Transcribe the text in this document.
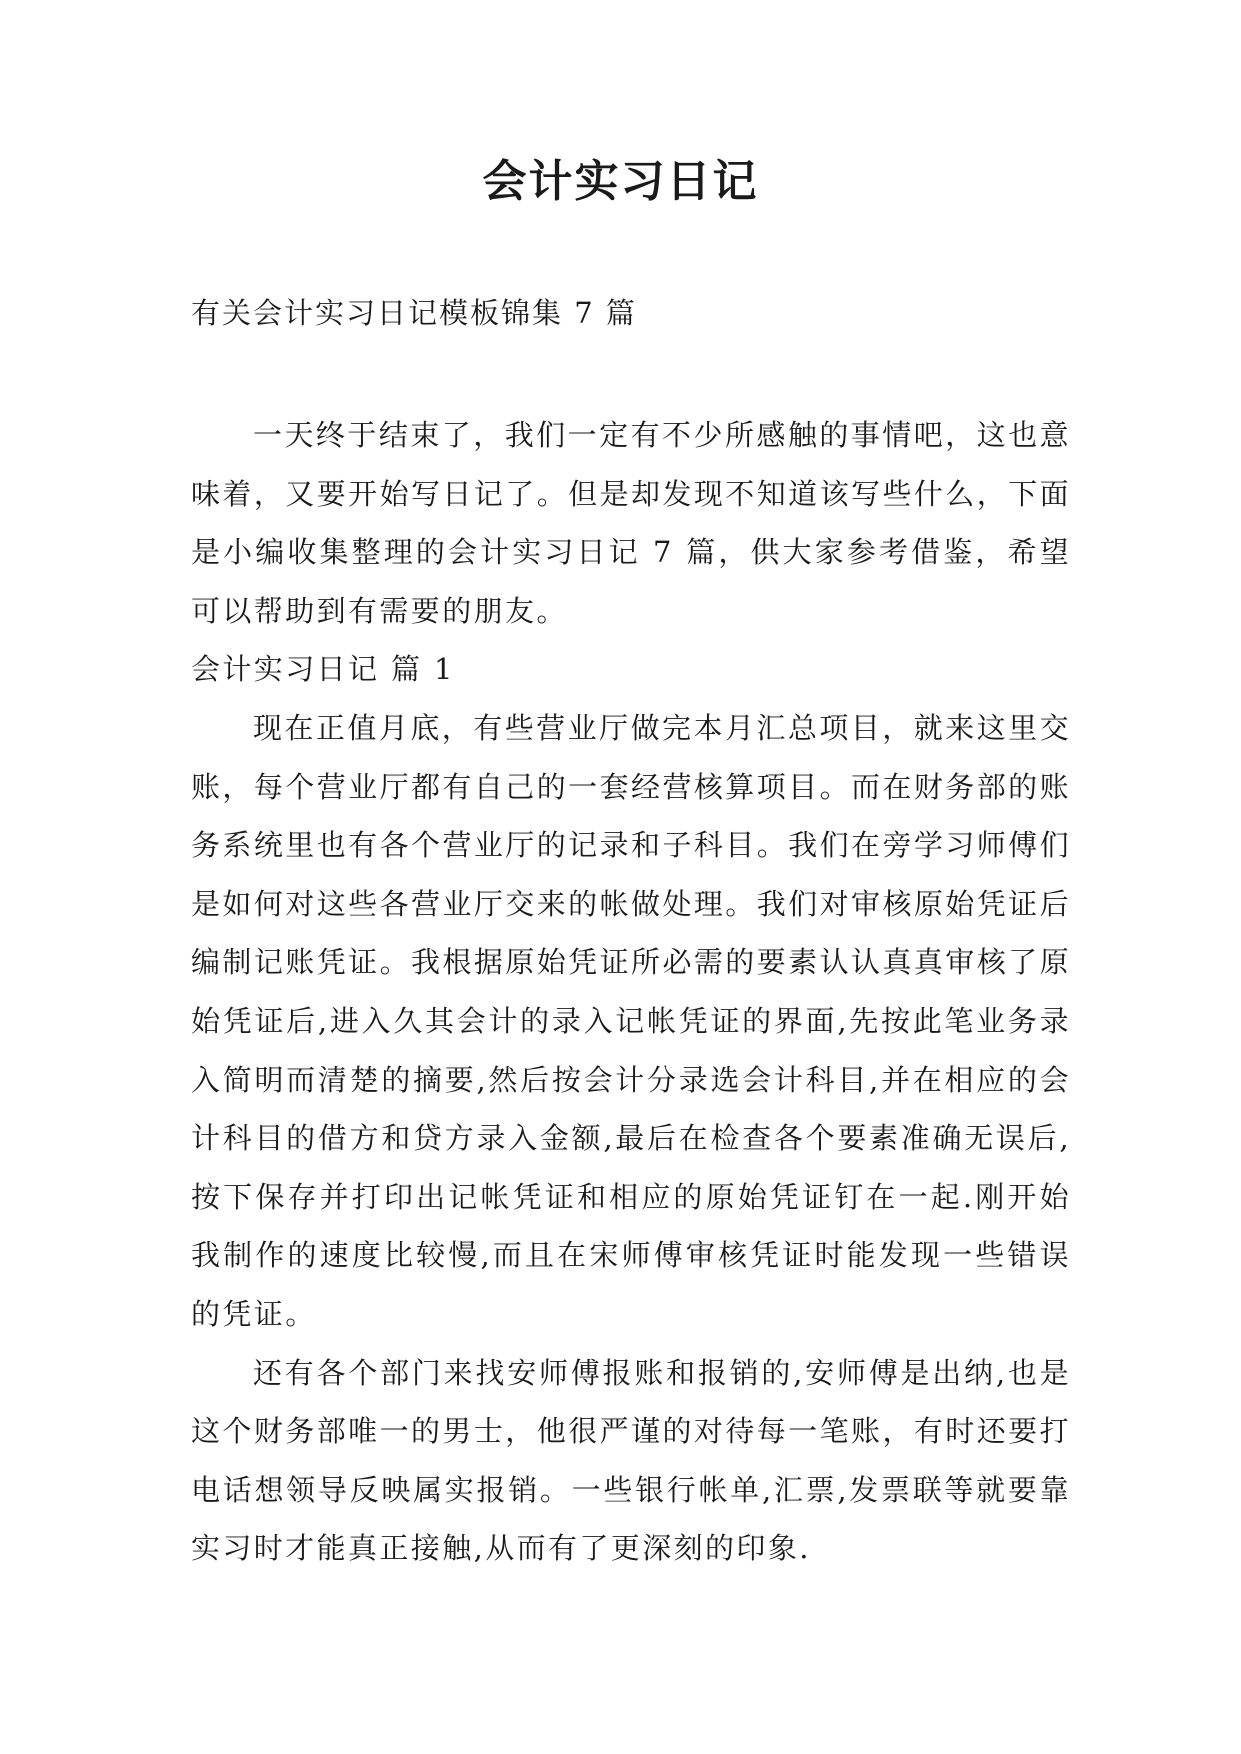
会计实习日记
有关会计实习日记模板锦集 7 篇

一天终于结束了，我们一定有不少所感触的事情吧，这也意味着，又要开始写日记了。但是却发现不知道该写些什么，下面是小编收集整理的会计实习日记 7 篇，供大家参考借鉴，希望可以帮助到有需要的朋友。

会计实习日记 篇 1

现在正值月底，有些营业厅做完本月汇总项目，就来这里交账，每个营业厅都有自己的一套经营核算项目。而在财务部的账务系统里也有各个营业厅的记录和子科目。我们在旁学习师傅们是如何对这些各营业厅交来的帐做处理。我们对审核原始凭证后编制记账凭证。我根据原始凭证所必需的要素认认真真审核了原始凭证后,进入久其会计的录入记帐凭证的界面,先按此笔业务录入简明而清楚的摘要,然后按会计分录选会计科目,并在相应的会计科目的借方和贷方录入金额,最后在检查各个要素准确无误后,按下保存并打印出记帐凭证和相应的原始凭证钉在一起.刚开始我制作的速度比较慢,而且在宋师傅审核凭证时能发现一些错误的凭证。

还有各个部门来找安师傅报账和报销的,安师傅是出纳,也是这个财务部唯一的男士，他很严谨的对待每一笔账，有时还要打电话想领导反映属实报销。一些银行帐单,汇票,发票联等就要靠实习时才能真正接触,从而有了更深刻的印象.
